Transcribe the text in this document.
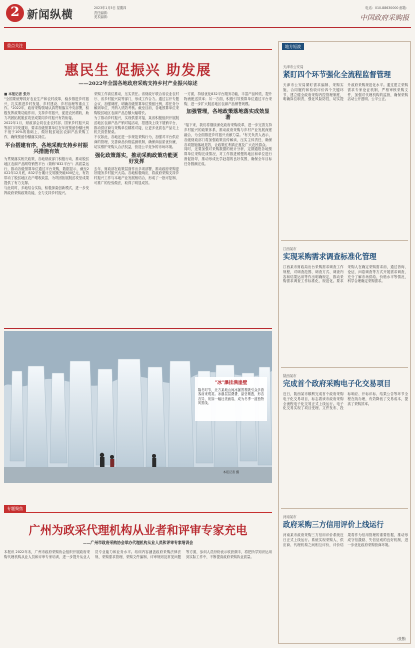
2 新闻纵横	2023年1月5日 星期四
责任编辑：
美术编辑：
电话：010-88630000 邮箱：
中国政府采购报
重点关注
惠民生 促振兴 助发展
——2022年全国各地政府采购支持乡村产业振兴综述
■ 本报记者 张丹
"全国要统筹抓好农业生产和农村改革，稳步推进乡村振兴，扎实推进乡村发展、乡村建设、乡村治理等重点工作。"2022年，政府采购领域认真贯彻落实中央部署，积极发挥政策功能作用，支持乡村振兴，促进农民增收，助力巩固拓展脱贫攻坚成果同乡村振兴有效衔接。
2022年1月，财政部会同农业农村部、国家乡村振兴局等部门印发通知，要求各级预算单位在年度预留份额比例不低于10%的基础上，做好脱贫地区农副产品采购工作，确保预留份额落实到位。
平台搭建有序，各地采购支持乡村振兴措施有效
为贯彻落实相关政策，各地财政部门积极行动，推动脱贫地区农副产品网络销售平台（简称"832平台"）高质量运行，推动各级预算单位通过平台采购，数据显示，截至2022年12月底，832平台累计交易额突破400亿元，有效带动了脱贫地区农户增收致富，为巩固拓展脱贫攻坚成果提供了有力支撑。
与此同时，多地结合实际，积极探索创新模式，进一步发挥政府采购政策功能，全力支持乡村振兴。
采购工作高位推动，压实责任。省财政厅联合省农业农村厅、省乡村振兴局等部门，形成工作合力。通过召开专题会议，加强调度，明确各级预算单位预留比例，将任务分解到单位，并纳入绩效考核。截至目前，各地预算单位采购脱贫地区农副产品总额大幅增长。
为了推动乡村振兴，实现供需对接，某省积极组织开展脱贫地区农副产品产销对接活动，搭建线上线下展销平台，推动供应商与采购单位精准对接，让更多优质农产品走上机关食堂餐桌。
不仅如此，各地还进一步规范采购行为，加强对平台供应商的管理，完善商品价格监测机制，确保商品质优价廉，切实维护采购人合法权益，营造公平竞争的市场环境。
强化政策落实，推动采购政策功能更好发挥
去年，财政部在政策层面作出多项部署，推动政府采购更好服务乡村振兴大局。各地积极响应，将政府采购支持乡村振兴工作与本地产业发展相结合，形成了一批可复制、可推广的经验做法，取得了明显成效。
一方面，持续优化832平台服务功能，丰富产品种类，提升物流配送效率；另一方面，积极引导预算单位通过平台采购，进一步扩大脱贫地区农副产品销售规模。
加强管理，各地政策落地落实成效显著
"接下来，我们将继续深化政府采购改革，进一步完善支持乡村振兴的政策体系，推动政府采购与乡村产业发展深度融合，为全面推进乡村振兴贡献力量。"有关负责人表示，各级财政部门将加强政策宣传解读，压实主体责任，确保各项措施落地见效，让政策红利真正惠及广大农民群众。
同时，还要加强对采购数据的统计分析，定期通报各地预算单位采购完成情况，对工作推进缓慢的地区和单位进行督促指导，推动形成比学赶超的良好氛围，确保全年目标任务圆满完成。
"冰"瀑挂满崖壁
隆冬时节，北方某地山间冰瀑景观吸引众多游客前来观赏。冰瀑层层叠叠、晶莹剔透，形态各异，宛如一幅壮美画卷，成为冬季一道独特风景线。
本报记者 摄
专题聚焦
广州为政采代理机构从业者和评审专家充电
——广州市政府采购协会举办代理机构从业人员和评审专家培训会
本报讯 2022年末，广州市政府采购协会组织开展政府采购代理机构从业人员和评审专家培训，进一步提升从业人员专业能力和业务水平。培训内容涵盖政府采购法律法规、采购需求管理、采购文件编制、评审规则及常见问题等方面，参训人员纷纷表示收获颇丰，将把所学知识运用到实际工作中，不断提高政府采购执业质量。
地方短波
天津市公安局
紧盯四个环节强化全流程监督管理
天津市公安局紧盯需求编制、采购实施、合同履约和验收评价四个关键环节，建立健全政府采购内控管理制度，明确岗位职责，强化风险防控，切实提升政府采购规范化水平。通过建立采购需求专家论证机制，严格审核采购文件，加强对代理机构的监督，确保采购活动公开透明、公平公正。
江西某市
实现采购需求调查标准化管理
江西某市财政局出台采购需求调查工作规程，对调查范围、调查方式、调查内容和结果运用等作出明确规定，推动采购需求调查工作标准化、规范化。要求采购人在确定采购需求前，通过咨询、论证、问卷调查等方式开展需求调查，充分了解市场供给、价格水平等情况，科学合理确定采购需求。
陕西某市
完成首个政府采购电子化交易项目
近日，陕西某市顺利完成首个政府采购电子化交易项目，标志着该市政府采购全流程电子化交易正式上线运行。电子化交易实现了项目受理、文件发布、投标响应、开标评标、结果公告等环节全程在线办理，有效降低了交易成本，提高了采购效率。
河南某市
政府采购三方信用评价上线运行
河南某市政府采购三方信用评价系统近日正式上线运行。系统实现采购人、供应商、代理机构之间相互评价，评价结果将作为信用管理的重要依据，推动形成守信激励、失信惩戒的良好机制，进一步优化政府采购营商环境。
（张慧）
